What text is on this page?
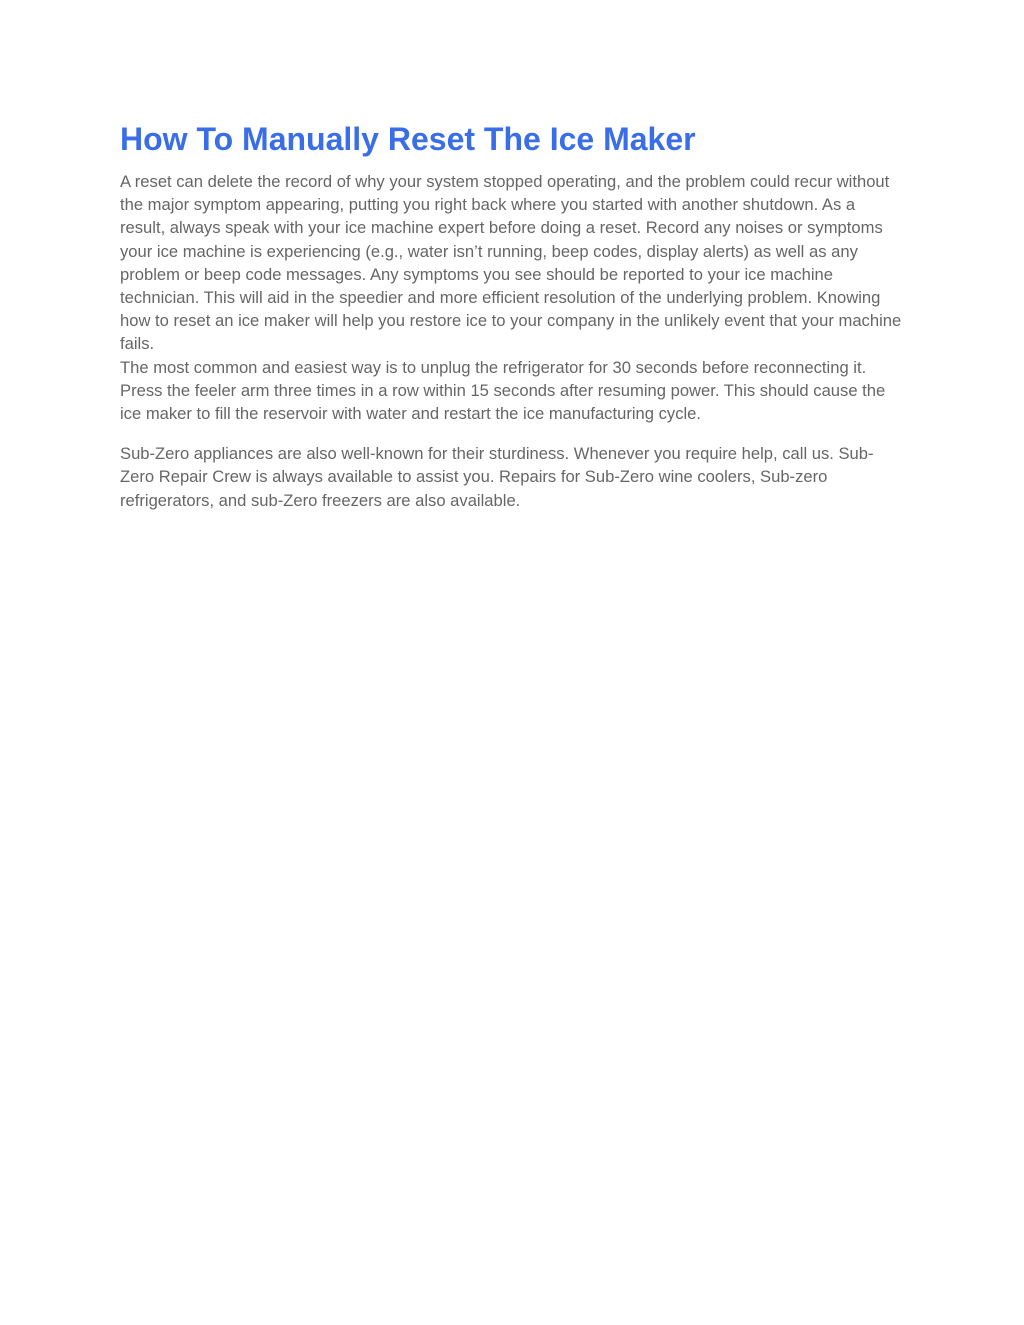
How To Manually Reset The Ice Maker

A reset can delete the record of why your system stopped operating, and the problem could recur without the major symptom appearing, putting you right back where you started with another shutdown. As a result, always speak with your ice machine expert before doing a reset. Record any noises or symptoms your ice machine is experiencing (e.g., water isn’t running, beep codes, display alerts) as well as any problem or beep code messages. Any symptoms you see should be reported to your ice machine technician. This will aid in the speedier and more efficient resolution of the underlying problem. Knowing how to reset an ice maker will help you restore ice to your company in the unlikely event that your machine fails.

The most common and easiest way is to unplug the refrigerator for 30 seconds before reconnecting it. Press the feeler arm three times in a row within 15 seconds after resuming power. This should cause the ice maker to fill the reservoir with water and restart the ice manufacturing cycle.

Sub-Zero appliances are also well-known for their sturdiness. Whenever you require help, call us. Sub-Zero Repair Crew is always available to assist you. Repairs for Sub-Zero wine coolers, Sub-zero refrigerators, and sub-Zero freezers are also available.
